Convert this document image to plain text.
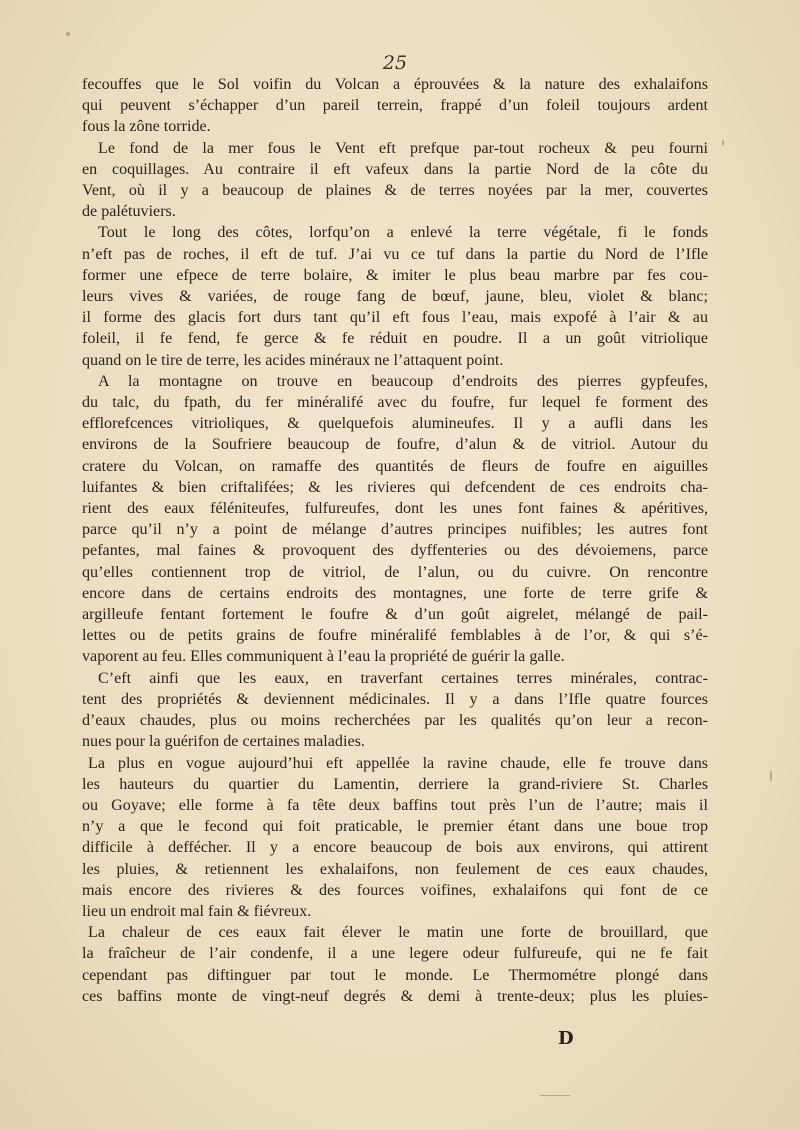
25
fecouffes que le Sol voifin du Volcan a éprouvées & la nature des exhalaifons
qui peuvent s’échapper d’un pareil terrein, frappé d’un foleil toujours ardent
fous la zône torride.
Le fond de la mer fous le Vent eft prefque par-tout rocheux & peu fourni
en coquillages. Au contraire il eft vafeux dans la partie Nord de la côte du
Vent, où il y a beaucoup de plaines & de terres noyées par la mer, couvertes
de palétuviers.
Tout le long des côtes, lorfqu’on a enlevé la terre végétale, fi le fonds
n’eft pas de roches, il eft de tuf. J’ai vu ce tuf dans la partie du Nord de l’Ifle
former une efpece de terre bolaire, & imiter le plus beau marbre par fes cou-
leurs vives & variées, de rouge fang de bœuf, jaune, bleu, violet & blanc;
il forme des glacis fort durs tant qu’il eft fous l’eau, mais expofé à l’air & au
foleil, il fe fend, fe gerce & fe réduit en poudre. Il a un goût vitriolique
quand on le tire de terre, les acides minéraux ne l’attaquent point.
A la montagne on trouve en beaucoup d’endroits des pierres gypfeufes,
du talc, du fpath, du fer minéralifé avec du foufre, fur lequel fe forment des
efflorefcences vitrioliques, & quelquefois alumineufes. Il y a aufli dans les
environs de la Soufriere beaucoup de foufre, d’alun & de vitriol. Autour du
cratere du Volcan, on ramaffe des quantités de fleurs de foufre en aiguilles
luifantes & bien criftalifées; & les rivieres qui defcendent de ces endroits cha-
rient des eaux féléniteufes, fulfureufes, dont les unes font faines & apéritives,
parce qu’il n’y a point de mélange d’autres principes nuifibles; les autres font
pefantes, mal faines & provoquent des dyffenteries ou des dévoiemens, parce
qu’elles contiennent trop de vitriol, de l’alun, ou du cuivre. On rencontre
encore dans de certains endroits des montagnes, une forte de terre grife &
argilleufe fentant fortement le foufre & d’un goût aigrelet, mélangé de pail-
lettes ou de petits grains de foufre minéralifé femblables à de l’or, & qui s’é-
vaporent au feu. Elles communiquent à l’eau la propriété de guérir la galle.
C’eft ainfi que les eaux, en traverfant certaines terres minérales, contrac-
tent des propriétés & deviennent médicinales. Il y a dans l’Ifle quatre fources
d’eaux chaudes, plus ou moins recherchées par les qualités qu’on leur a recon-
nues pour la guérifon de certaines maladies.
La plus en vogue aujourd’hui eft appellée la ravine chaude, elle fe trouve dans
les hauteurs du quartier du Lamentin, derriere la grand-riviere St. Charles
ou Goyave; elle forme à fa tête deux baffins tout près l’un de l’autre; mais il
n’y a que le fecond qui foit praticable, le premier étant dans une boue trop
difficile à deffécher. Il y a encore beaucoup de bois aux environs, qui attirent
les pluies, & retiennent les exhalaifons, non feulement de ces eaux chaudes,
mais encore des rivieres & des fources voifines, exhalaifons qui font de ce
lieu un endroit mal fain & fiévreux.
La chaleur de ces eaux fait élever le matin une forte de brouillard, que
la fraîcheur de l’air condenfe, il a une legere odeur fulfureufe, qui ne fe fait
cependant pas diftinguer par tout le monde. Le Thermométre plongé dans
ces baffins monte de vingt-neuf degrés & demi à trente-deux; plus les pluies-
D
